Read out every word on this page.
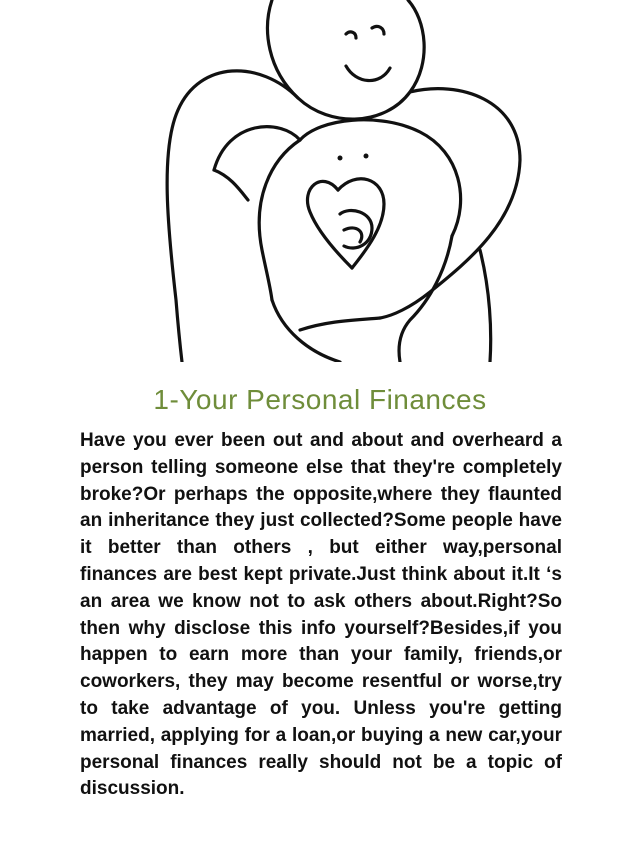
1-Your Personal Finances

Have you ever been out and about and overheard a person telling someone else that they're completely broke?Or perhaps the opposite,where they flaunted an inheritance they just collected?Some people have it better than others , but either way,personal finances are best kept private.Just think about it.It ‘s an area we know not to ask others about.Right?So then why disclose this info yourself?Besides,if you happen to earn more than your family, friends,or coworkers, they may become resentful or worse,try to take advantage of you. Unless you're getting married, applying for a loan,or buying a new car,your personal finances really should not be a topic of discussion.
